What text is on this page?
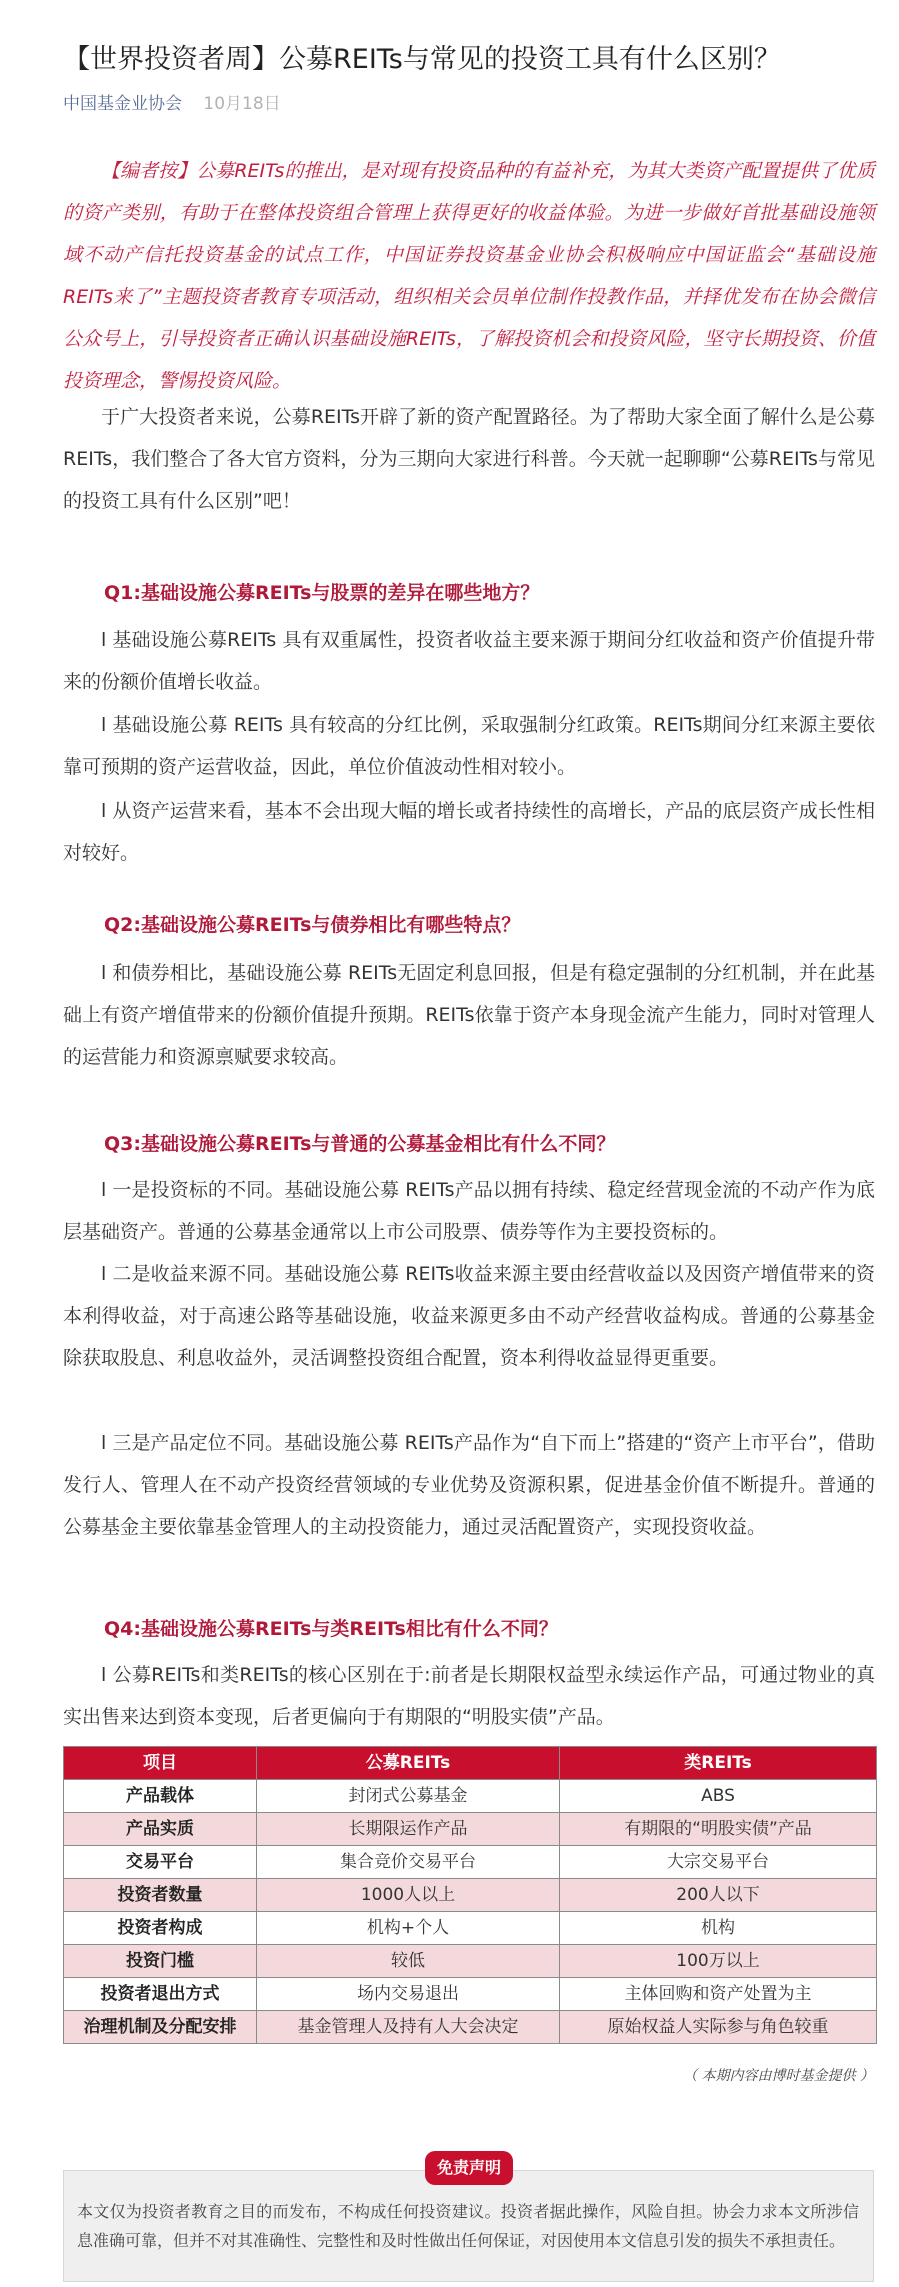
【世界投资者周】公募REITs与常见的投资工具有什么区别？
中国基金业协会 10月18日
【编者按】公募REITs的推出，是对现有投资品种的有益补充，为其大类资产配置提供了优质的资产类别，有助于在整体投资组合管理上获得更好的收益体验。为进一步做好首批基础设施领域不动产信托投资基金的试点工作，中国证券投资基金业协会积极响应中国证监会“基础设施REITs来了”主题投资者教育专项活动，组织相关会员单位制作投教作品，并择优发布在协会微信公众号上，引导投资者正确认识基础设施REITs，了解投资机会和投资风险，坚守长期投资、价值投资理念，警惕投资风险。
于广大投资者来说，公募REITs开辟了新的资产配置路径。为了帮助大家全面了解什么是公募REITs，我们整合了各大官方资料，分为三期向大家进行科普。今天就一起聊聊“公募REITs与常见的投资工具有什么区别”吧！
Q1:基础设施公募REITs与股票的差异在哪些地方？
l 基础设施公募REITs 具有双重属性，投资者收益主要来源于期间分红收益和资产价值提升带来的份额价值增长收益。
l 基础设施公募 REITs 具有较高的分红比例，采取强制分红政策。REITs期间分红来源主要依靠可预期的资产运营收益，因此，单位价值波动性相对较小。
l 从资产运营来看，基本不会出现大幅的增长或者持续性的高增长，产品的底层资产成长性相对较好。
Q2:基础设施公募REITs与债券相比有哪些特点？
l 和债券相比，基础设施公募 REITs无固定利息回报，但是有稳定强制的分红机制，并在此基础上有资产增值带来的份额价值提升预期。REITs依靠于资产本身现金流产生能力，同时对管理人的运营能力和资源禀赋要求较高。
Q3:基础设施公募REITs与普通的公募基金相比有什么不同？
l 一是投资标的不同。基础设施公募 REITs产品以拥有持续、稳定经营现金流的不动产作为底层基础资产。普通的公募基金通常以上市公司股票、债券等作为主要投资标的。
l 二是收益来源不同。基础设施公募 REITs收益来源主要由经营收益以及因资产增值带来的资本利得收益，对于高速公路等基础设施，收益来源更多由不动产经营收益构成。普通的公募基金除获取股息、利息收益外，灵活调整投资组合配置，资本利得收益显得更重要。
l 三是产品定位不同。基础设施公募 REITs产品作为“自下而上”搭建的“资产上市平台”，借助发行人、管理人在不动产投资经营领域的专业优势及资源积累，促进基金价值不断提升。普通的公募基金主要依靠基金管理人的主动投资能力，通过灵活配置资产，实现投资收益。
Q4:基础设施公募REITs与类REITs相比有什么不同？
l 公募REITs和类REITs的核心区别在于:前者是长期限权益型永续运作产品，可通过物业的真实出售来达到资本变现，后者更偏向于有期限的“明股实债”产品。
项目	公募REITs	类REITs
产品载体	封闭式公募基金	ABS
产品实质	长期限运作产品	有期限的“明股实债”产品
交易平台	集合竞价交易平台	大宗交易平台
投资者数量	1000人以上	200人以下
投资者构成	机构+个人	机构
投资门槛	较低	100万以上
投资者退出方式	场内交易退出	主体回购和资产处置为主
治理机制及分配安排	基金管理人及持有人大会决定	原始权益人实际参与角色较重
（ 本期内容由博时基金提供 ）
本文仅为投资者教育之目的而发布，不构成任何投资建议。投资者据此操作，风险自担。协会力求本文所涉信息准确可靠，但并不对其准确性、完整性和及时性做出任何保证，对因使用本文信息引发的损失不承担责任。
免责声明
